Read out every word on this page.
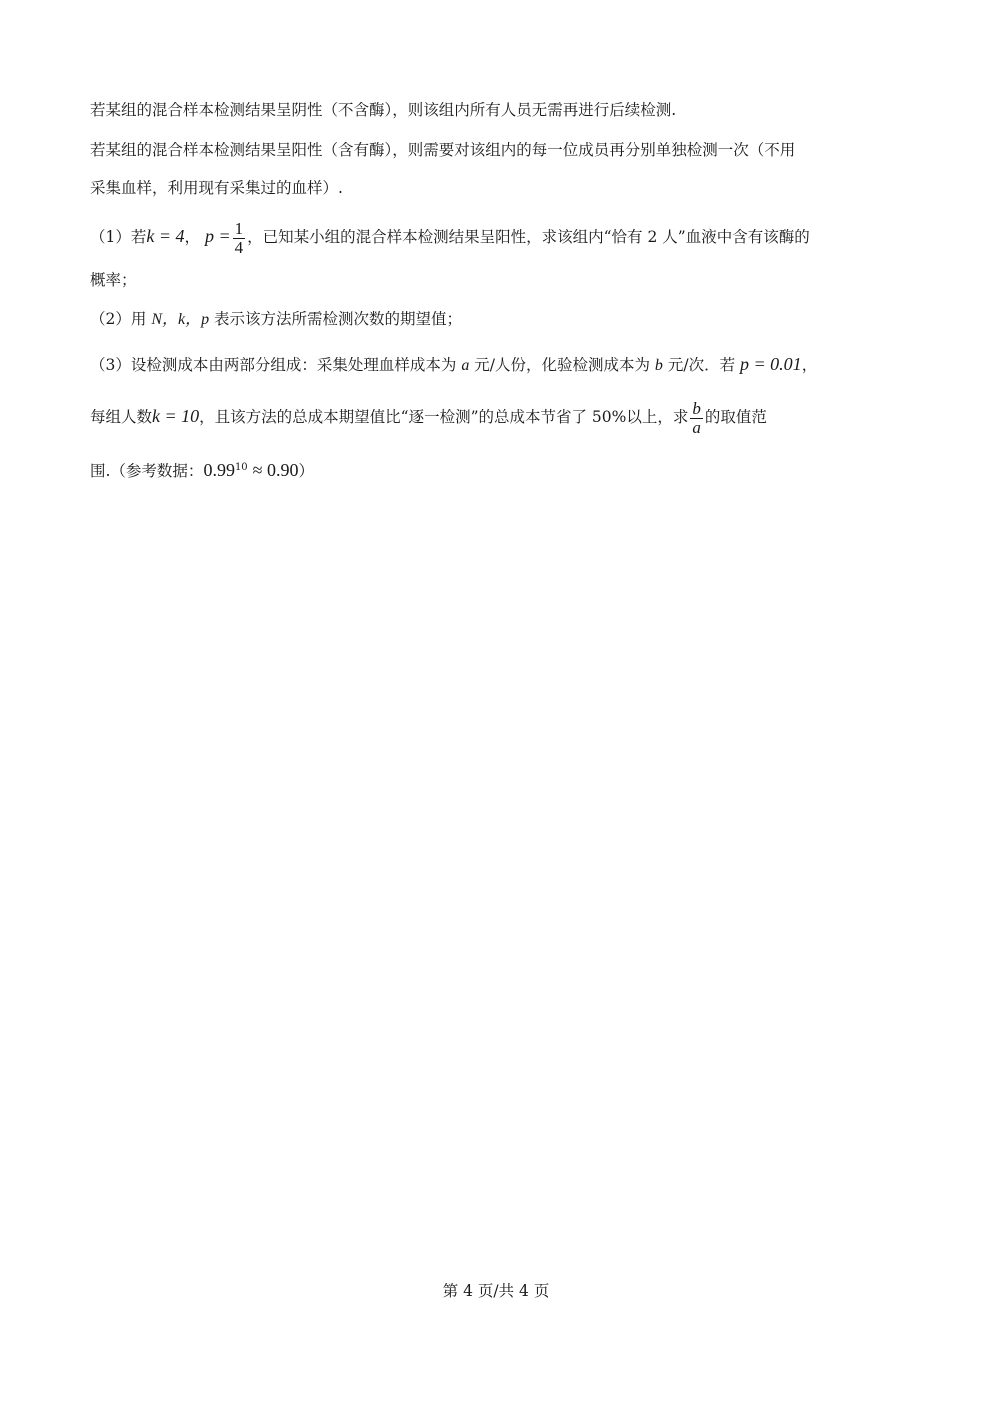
若某组的混合样本检测结果呈阴性（不含酶），则该组内所有人员无需再进行后续检测.
若某组的混合样本检测结果呈阳性（含有酶），则需要对该组内的每一位成员再分别单独检测一次（不用
采集血样，利用现有采集过的血样）.
（1）若k = 4， $p = \frac{1}{4}$ ，已知某小组的混合样本检测结果呈阳性，求该组内“恰有 2 人”血液中含有该酶的
概率；
（2）用 N，k，p 表示该方法所需检测次数的期望值；
（3）设检测成本由两部分组成：采集处理血样成本为 a 元/人份，化验检测成本为 b 元/次．若 p = 0.01，
每组人数k = 10，且该方法的总成本期望值比“逐一检测”的总成本节省了 50%以上，求 $\frac{b}{a}$ 的取值范
围.（参考数据：$0.99^{10} \approx 0.90$）
第 4 页/共 4 页
